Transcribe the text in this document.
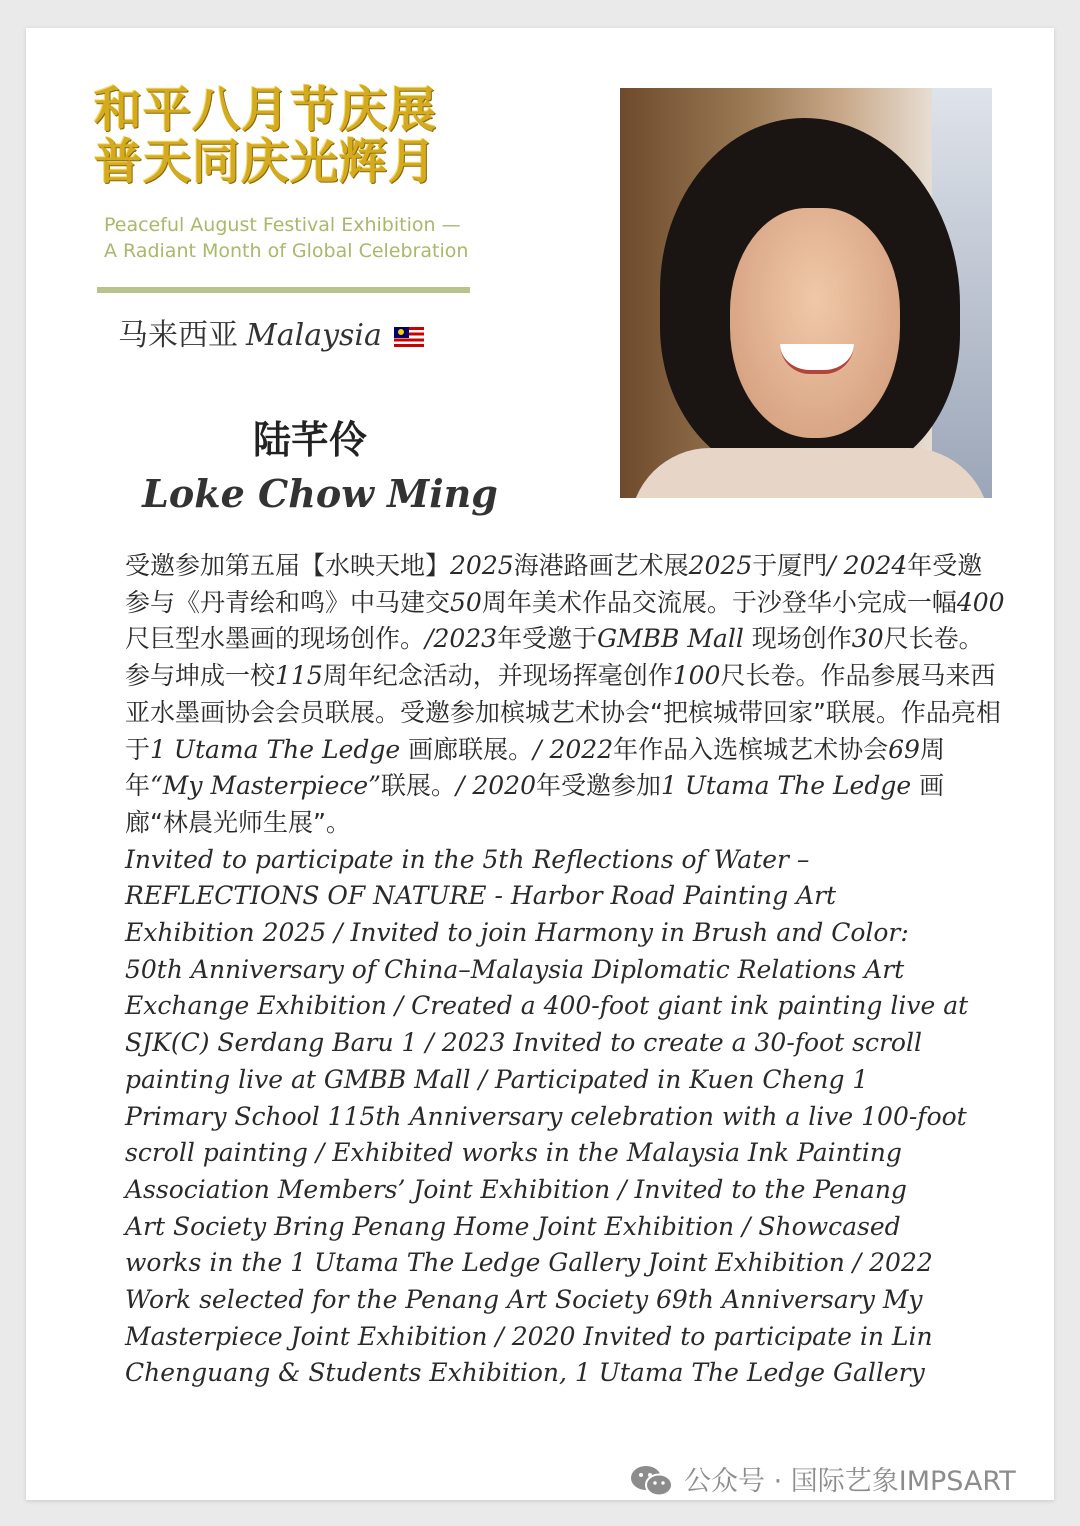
和平八月节庆展
普天同庆光辉月
Peaceful August Festival Exhibition —
A Radiant Month of Global Celebration
马来西亚 Malaysia
陆芊伶
Loke Chow Ming
受邀参加第五届【水映天地】2025海港路画艺术展2025于厦門/ 2024年受邀参与《丹青绘和鸣》中马建交50周年美术作品交流展。于沙登华小完成一幅400尺巨型水墨画的现场创作。/2023年受邀于GMBB Mall 现场创作30尺长卷。参与坤成一校115周年纪念活动，并现场挥毫创作100尺长卷。作品参展马来西亚水墨画协会会员联展。受邀参加槟城艺术协会“把槟城带回家”联展。作品亮相于1 Utama The Ledge 画廊联展。/ 2022年作品入选槟城艺术协会69周年“My Masterpiece”联展。/ 2020年受邀参加1 Utama The Ledge 画廊“林晨光师生展”。
Invited to participate in the 5th Reflections of Water –
REFLECTIONS OF NATURE - Harbor Road Painting Art
Exhibition 2025 / Invited to join Harmony in Brush and Color:
50th Anniversary of China–Malaysia Diplomatic Relations Art
Exchange Exhibition / Created a 400-foot giant ink painting live at
SJK(C) Serdang Baru 1 / 2023 Invited to create a 30-foot scroll
painting live at GMBB Mall / Participated in Kuen Cheng 1
Primary School 115th Anniversary celebration with a live 100-foot
scroll painting / Exhibited works in the Malaysia Ink Painting
Association Members’ Joint Exhibition / Invited to the Penang
Art Society Bring Penang Home Joint Exhibition / Showcased
works in the 1 Utama The Ledge Gallery Joint Exhibition / 2022
Work selected for the Penang Art Society 69th Anniversary My
Masterpiece Joint Exhibition / 2020 Invited to participate in Lin
Chenguang & Students Exhibition, 1 Utama The Ledge Gallery
公众号 · 国际艺象IMPSART
